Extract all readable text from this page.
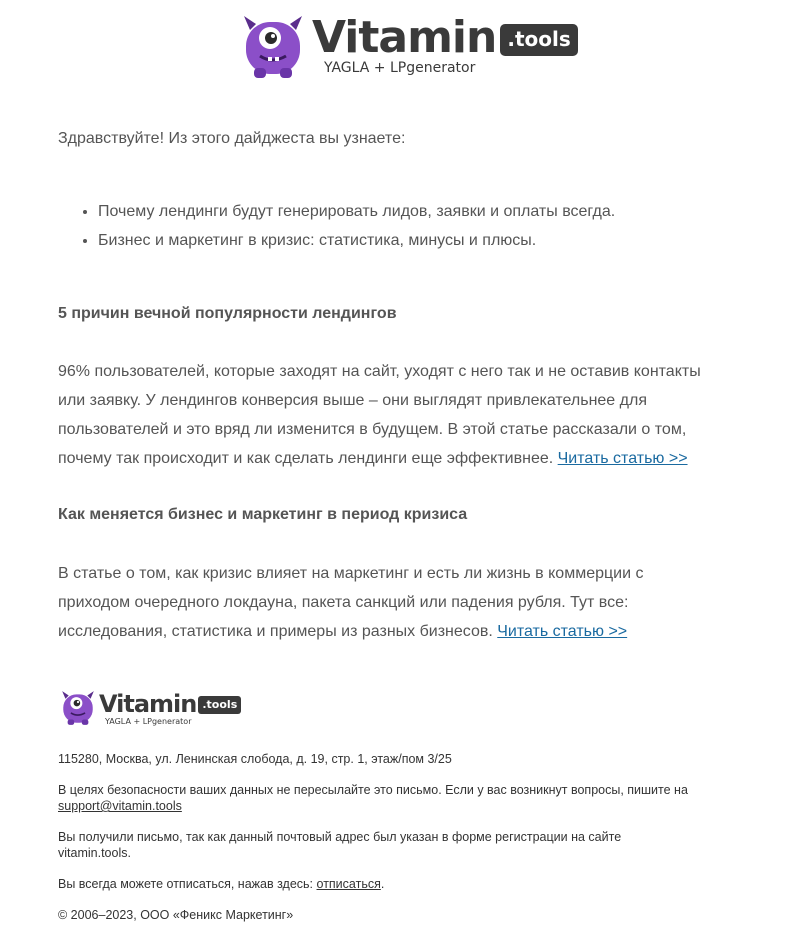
Vitamin .tools
YAGLA + LPgenerator

Здравствуйте! Из этого дайджеста вы узнаете:

• Почему лендинги будут генерировать лидов, заявки и оплаты всегда.
• Бизнес и маркетинг в кризис: статистика, минусы и плюсы.

5 причин вечной популярности лендингов

96% пользователей, которые заходят на сайт, уходят с него так и не оставив контакты
или заявку. У лендингов конверсия выше – они выглядят привлекательнее для
пользователей и это вряд ли изменится в будущем. В этой статье рассказали о том,
почему так происходит и как сделать лендинги еще эффективнее. Читать статью >>

Как меняется бизнес и маркетинг в период кризиса

В статье о том, как кризис влияет на маркетинг и есть ли жизнь в коммерции с
приходом очередного локдауна, пакета санкций или падения рубля. Тут все:
исследования, статистика и примеры из разных бизнесов. Читать статью >>
Vitamin .tools
YAGLA + LPgenerator

115280, Москва, ул. Ленинская слобода, д. 19, стр. 1, этаж/пом 3/25

В целях безопасности ваших данных не пересылайте это письмо. Если у вас возникнут вопросы, пишите на support@vitamin.tools

Вы получили письмо, так как данный почтовый адрес был указан в форме регистрации на сайте vitamin.tools.

Вы всегда можете отписаться, нажав здесь: отписаться.

© 2006–2023, ООО «Феникс Маркетинг»
